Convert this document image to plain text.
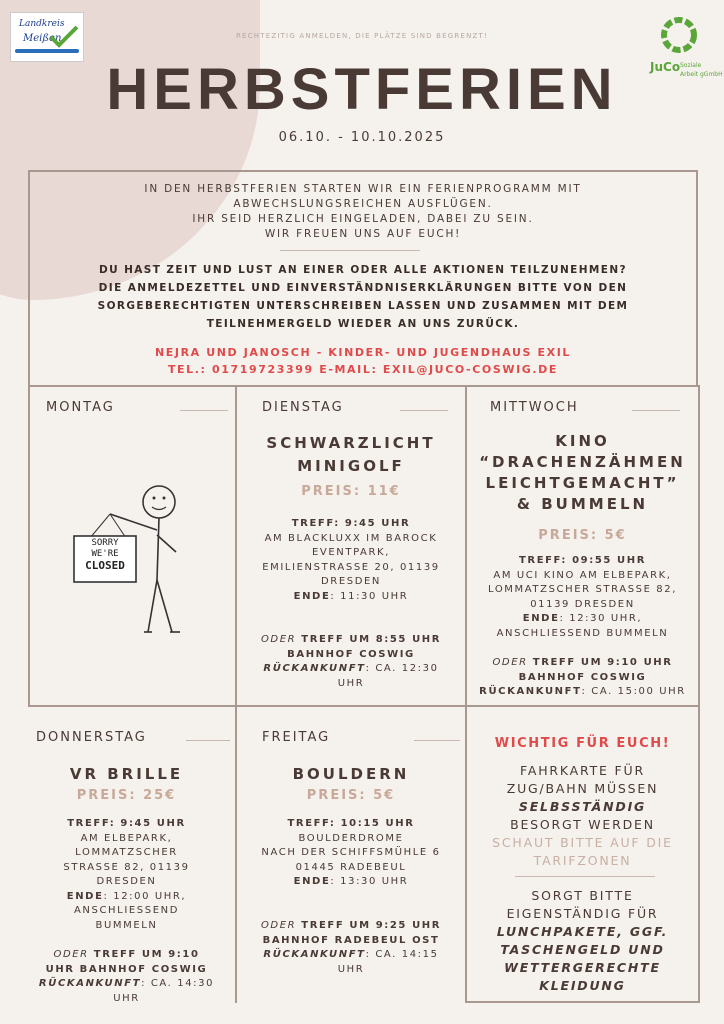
Landkreis
Meißen
JuCo Soziale
Arbeit gGmbH
RECHTEZITIG ANMELDEN, DIE PLÄTZE SIND BEGRENZT!
HERBSTFERIEN
06.10. - 10.10.2025
IN DEN HERBSTFERIEN STARTEN WIR EIN FERIENPROGRAMM MIT
ABWECHSLUNGSREICHEN AUSFLÜGEN.
IHR SEID HERZLICH EINGELADEN, DABEI ZU SEIN.
WIR FREUEN UNS AUF EUCH!
DU HAST ZEIT UND LUST AN EINER ODER ALLE AKTIONEN TEILZUNEHMEN?
DIE ANMELDEZETTEL UND EINVERSTÄNDNISERKLÄRUNGEN BITTE VON DEN
SORGEBERECHTIGTEN UNTERSCHREIBEN LASSEN UND ZUSAMMEN MIT DEM
TEILNEHMERGELD WIEDER AN UNS ZURÜCK.
NEJRA UND JANOSCH - KINDER- UND JUGENDHAUS EXIL
TEL.: 01719723399 E-MAIL: EXIL@JUCO-COSWIG.DE
MONTAG
SORRY
WE'RE
CLOSED
DIENSTAG
SCHWARZLICHT
MINIGOLF
PREIS: 11€
TREFF: 9:45 UHR
AM BLACKLUXX IM BAROCK
EVENTPARK,
EMILIENSTRASSE 20, 01139
DRESDEN
ENDE: 11:30 UHR
ODER TREFF UM 8:55 UHR
BAHNHOF COSWIG
RÜCKANKUNFT: CA. 12:30
UHR
MITTWOCH
KINO
“DRACHENZÄHMEN
LEICHTGEMACHT”
& BUMMELN
PREIS: 5€
TREFF: 09:55 UHR
AM UCI KINO AM ELBEPARK,
LOMMATZSCHER STRASSE 82,
01139 DRESDEN
ENDE: 12:30 UHR,
ANSCHLIESSEND BUMMELN
ODER TREFF UM 9:10 UHR
BAHNHOF COSWIG
RÜCKANKUNFT: CA. 15:00 UHR
DONNERSTAG
VR BRILLE
PREIS: 25€
TREFF: 9:45 UHR
AM ELBEPARK,
LOMMATZSCHER
STRASSE 82, 01139
DRESDEN
ENDE: 12:00 UHR,
ANSCHLIESSEND
BUMMELN
ODER TREFF UM 9:10
UHR BAHNHOF COSWIG
RÜCKANKUNFT: CA. 14:30
UHR
FREITAG
BOULDERN
PREIS: 5€
TREFF: 10:15 UHR
BOULDERDROME
NACH DER SCHIFFSMÜHLE 6
01445 RADEBEUL
ENDE: 13:30 UHR
ODER TREFF UM 9:25 UHR
BAHNHOF RADEBEUL OST
RÜCKANKUNFT: CA. 14:15
UHR
WICHTIG FÜR EUCH!
FAHRKARTE FÜR
ZUG/BAHN MÜSSEN
SELBSSTÄNDIG
BESORGT WERDEN
SCHAUT BITTE AUF DIE
TARIFZONEN
SORGT BITTE
EIGENSTÄNDIG FÜR
LUNCHPAKETE, GGF.
TASCHENGELD UND
WETTERGERECHTE
KLEIDUNG
